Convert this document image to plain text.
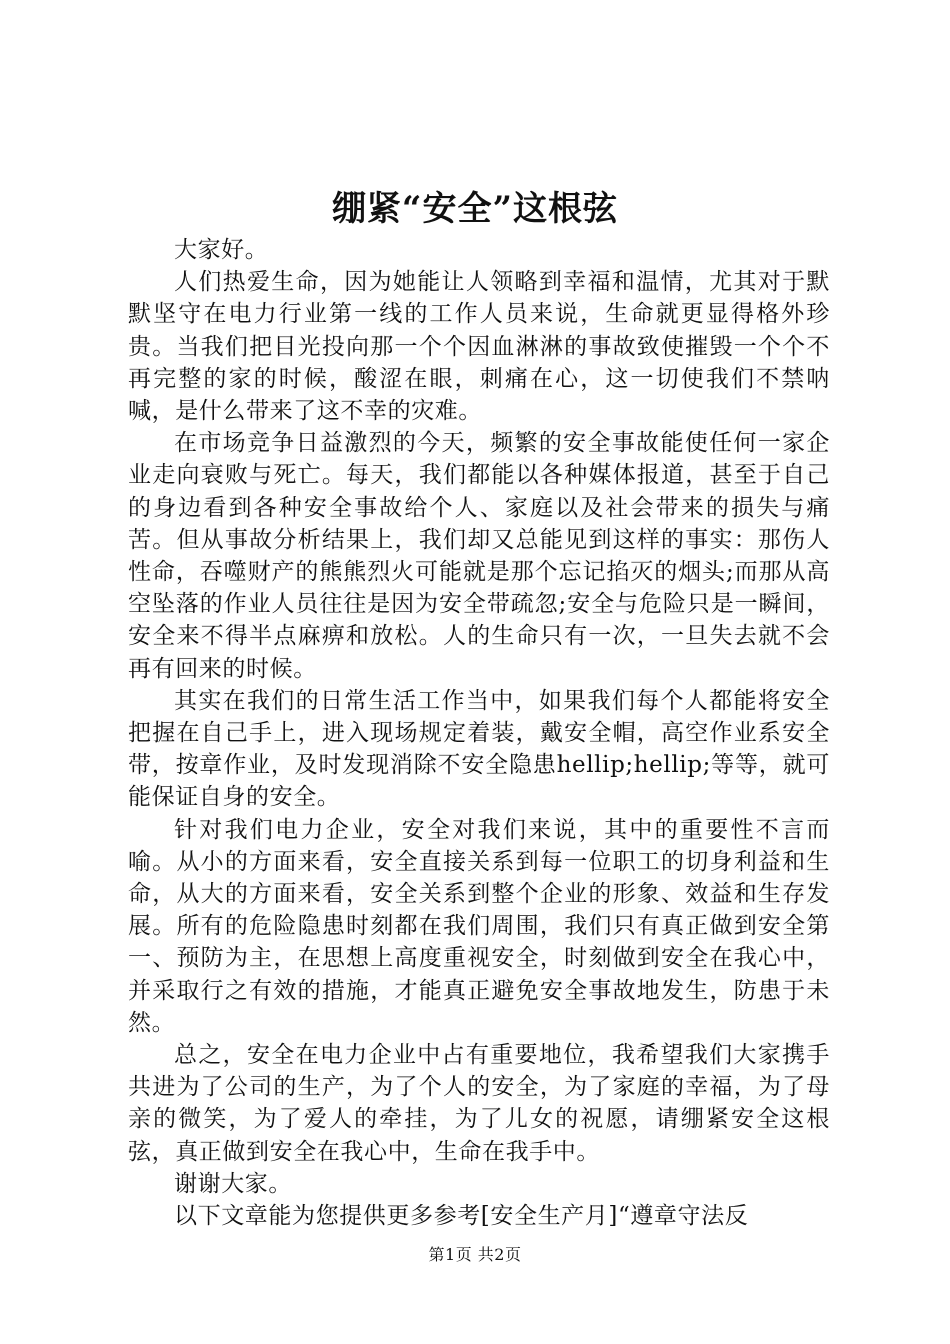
绷紧“安全”这根弦

大家好。

人们热爱生命，因为她能让人领略到幸福和温情，尤其对于默默坚守在电力行业第一线的工作人员来说，生命就更显得格外珍贵。当我们把目光投向那一个个因血淋淋的事故致使摧毁一个个不再完整的家的时候，酸涩在眼，刺痛在心，这一切使我们不禁呐喊，是什么带来了这不幸的灾难。

在市场竞争日益激烈的今天，频繁的安全事故能使任何一家企业走向衰败与死亡。每天，我们都能以各种媒体报道，甚至于自己的身边看到各种安全事故给个人、家庭以及社会带来的损失与痛苦。但从事故分析结果上，我们却又总能见到这样的事实：那伤人性命，吞噬财产的熊熊烈火可能就是那个忘记掐灭的烟头;而那从高空坠落的作业人员往往是因为安全带疏忽;安全与危险只是一瞬间，安全来不得半点麻痹和放松。人的生命只有一次，一旦失去就不会再有回来的时候。

其实在我们的日常生活工作当中，如果我们每个人都能将安全把握在自己手上，进入现场规定着装，戴安全帽，高空作业系安全带，按章作业，及时发现消除不安全隐患hellip;hellip;等等，就可能保证自身的安全。

针对我们电力企业，安全对我们来说，其中的重要性不言而喻。从小的方面来看，安全直接关系到每一位职工的切身利益和生命，从大的方面来看，安全关系到整个企业的形象、效益和生存发展。所有的危险隐患时刻都在我们周围，我们只有真正做到安全第一、预防为主，在思想上高度重视安全，时刻做到安全在我心中，并采取行之有效的措施，才能真正避免安全事故地发生，防患于未然。

总之，安全在电力企业中占有重要地位，我希望我们大家携手共进为了公司的生产，为了个人的安全，为了家庭的幸福，为了母亲的微笑，为了爱人的牵挂，为了儿女的祝愿，请绷紧安全这根弦，真正做到安全在我心中，生命在我手中。

谢谢大家。

以下文章能为您提供更多参考[安全生产月]“遵章守法反

第1页 共2页
